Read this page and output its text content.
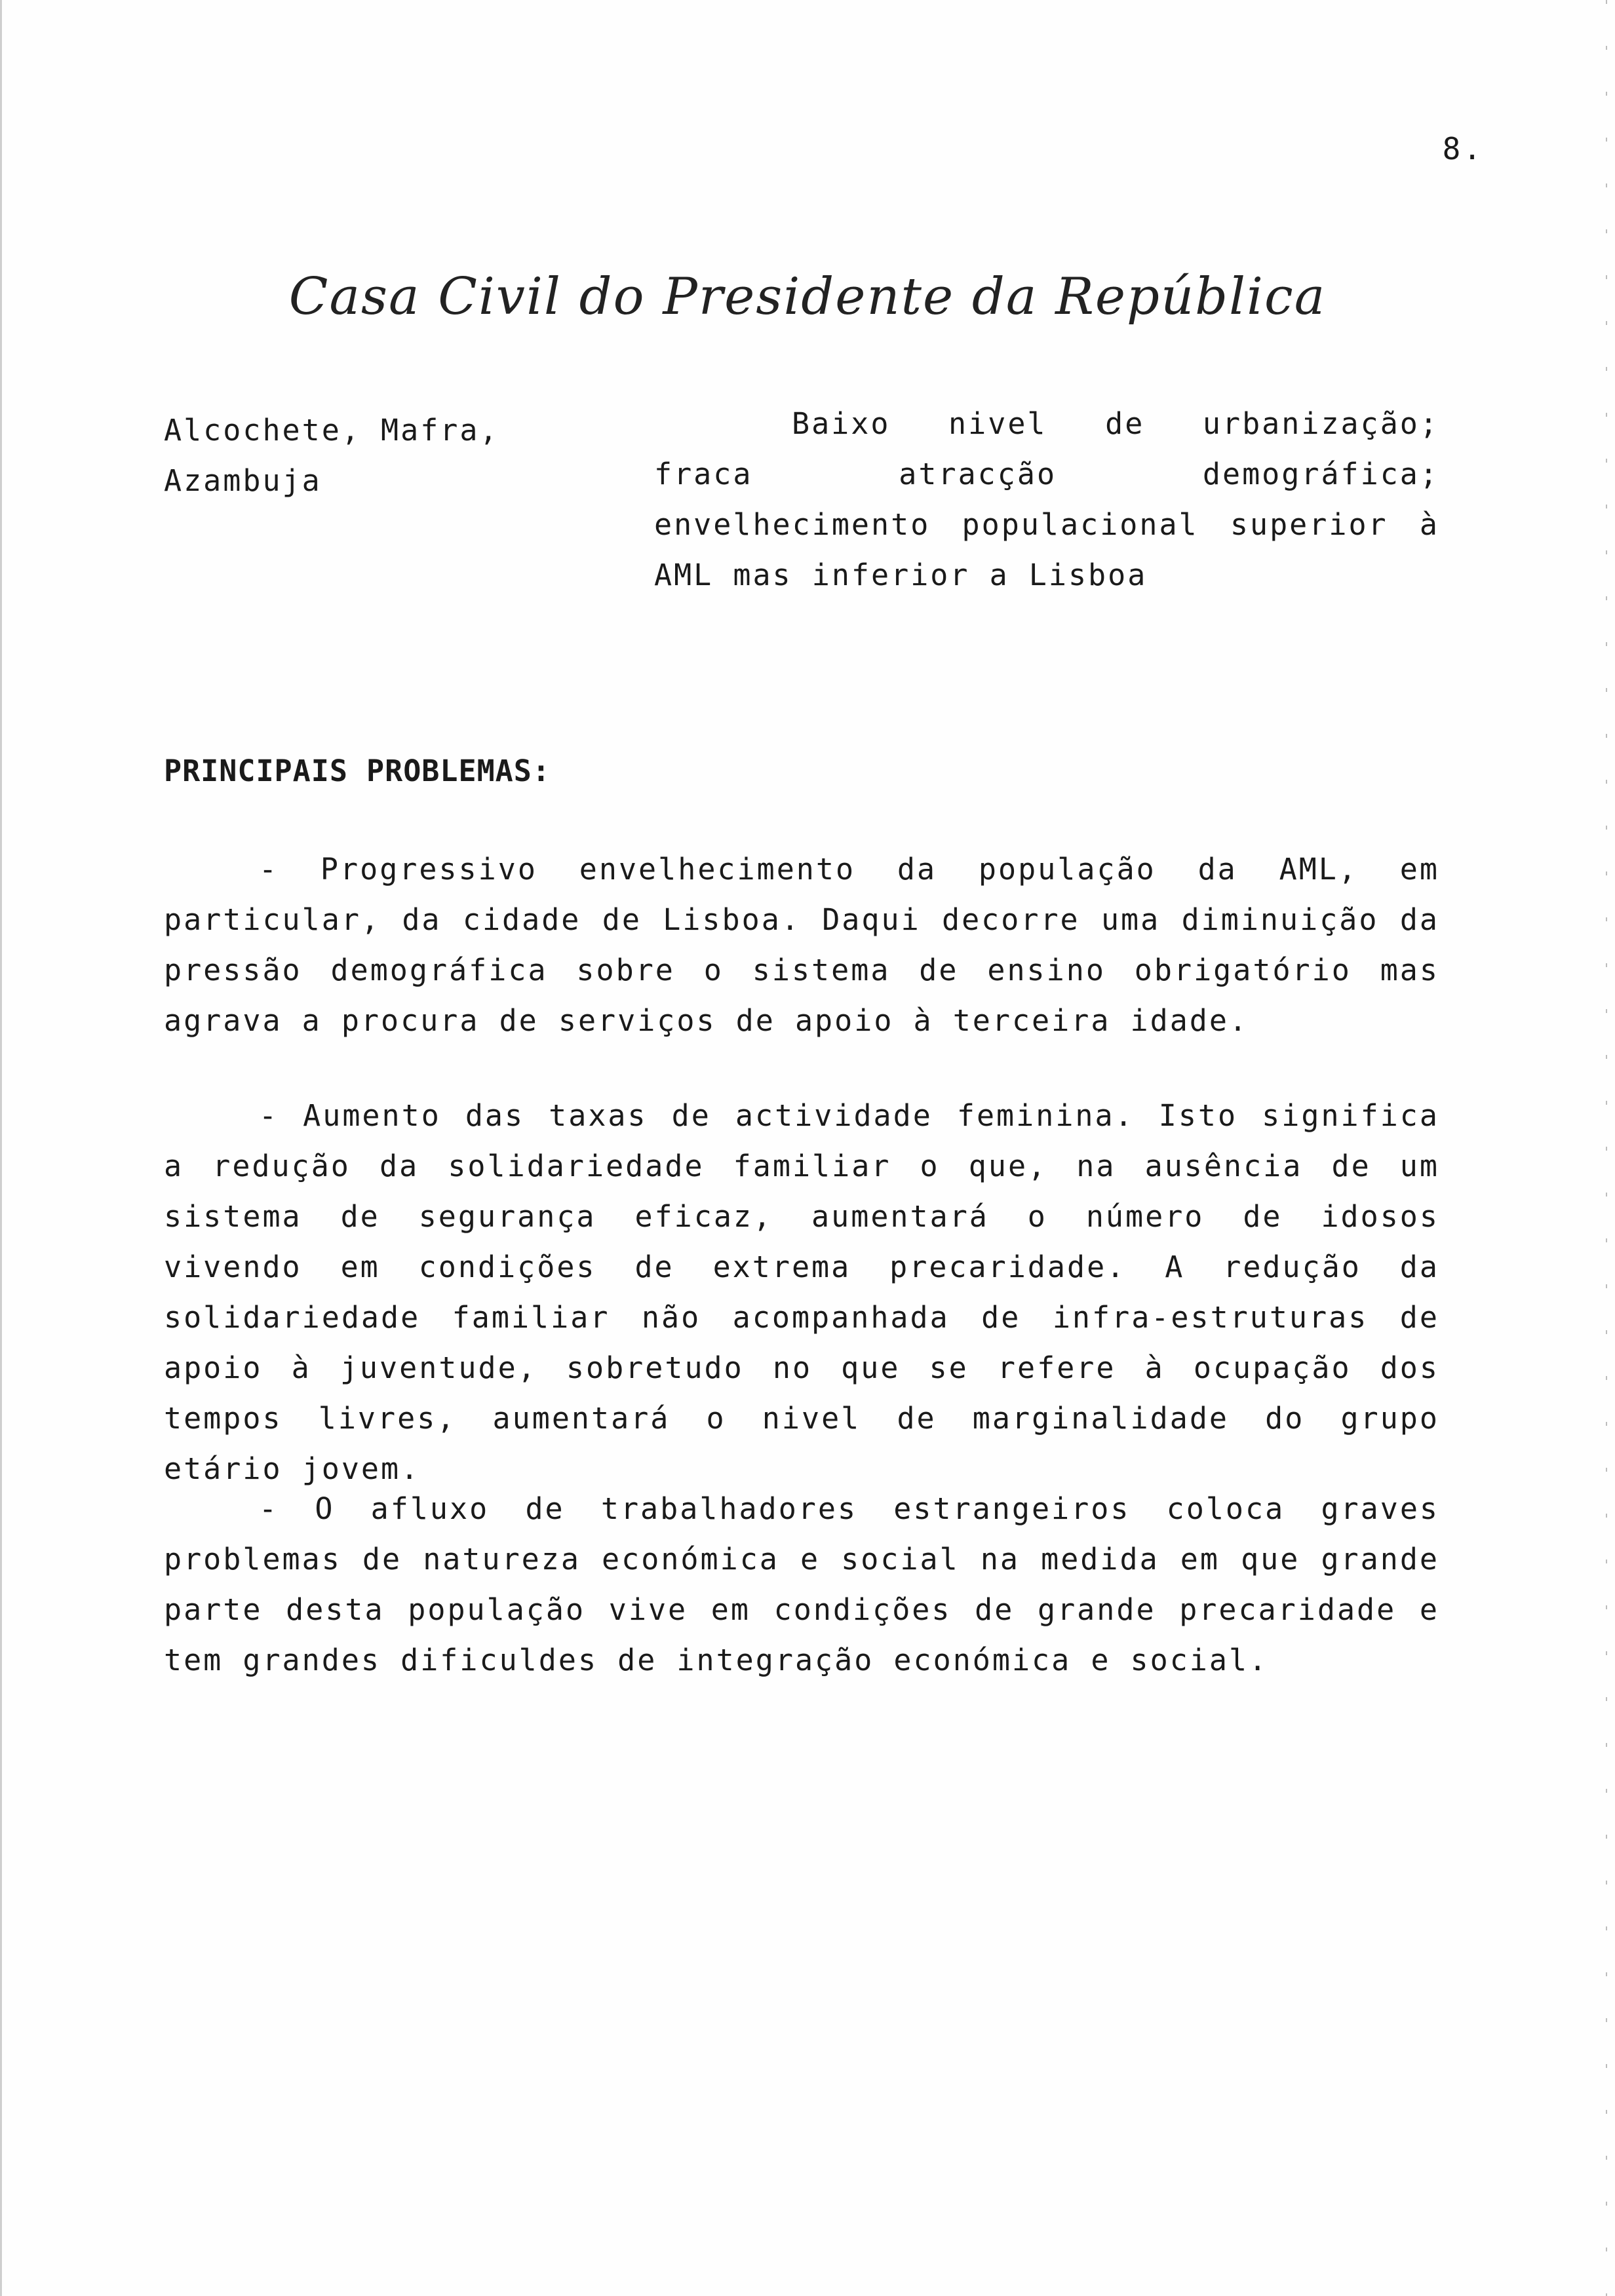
8.
Casa Civil do Presidente da República
Alcochete, Mafra, Azambuja
Baixo nivel de urbanização; fraca atracção demográfica; envelhecimento populacional superior à AML mas inferior a Lisboa
PRINCIPAIS PROBLEMAS:
- Progressivo envelhecimento da população da AML, em particular, da cidade de Lisboa. Daqui decorre uma diminuição da pressão demográfica sobre o sistema de ensino obrigatório mas agrava a procura de serviços de apoio à terceira idade.
- Aumento das taxas de actividade feminina. Isto significa a redução da solidariedade familiar o que, na ausência de um sistema de segurança eficaz, aumentará o número de idosos vivendo em condições de extrema precaridade. A redução da solidariedade familiar não acompanhada de infra-estruturas de apoio à juventude, sobretudo no que se refere à ocupação dos tempos livres, aumentará o nivel de marginalidade do grupo etário jovem.
- O afluxo de trabalhadores estrangeiros coloca graves problemas de natureza económica e social na medida em que grande parte desta população vive em condições de grande precaridade e tem grandes dificuldes de integração económica e social.
